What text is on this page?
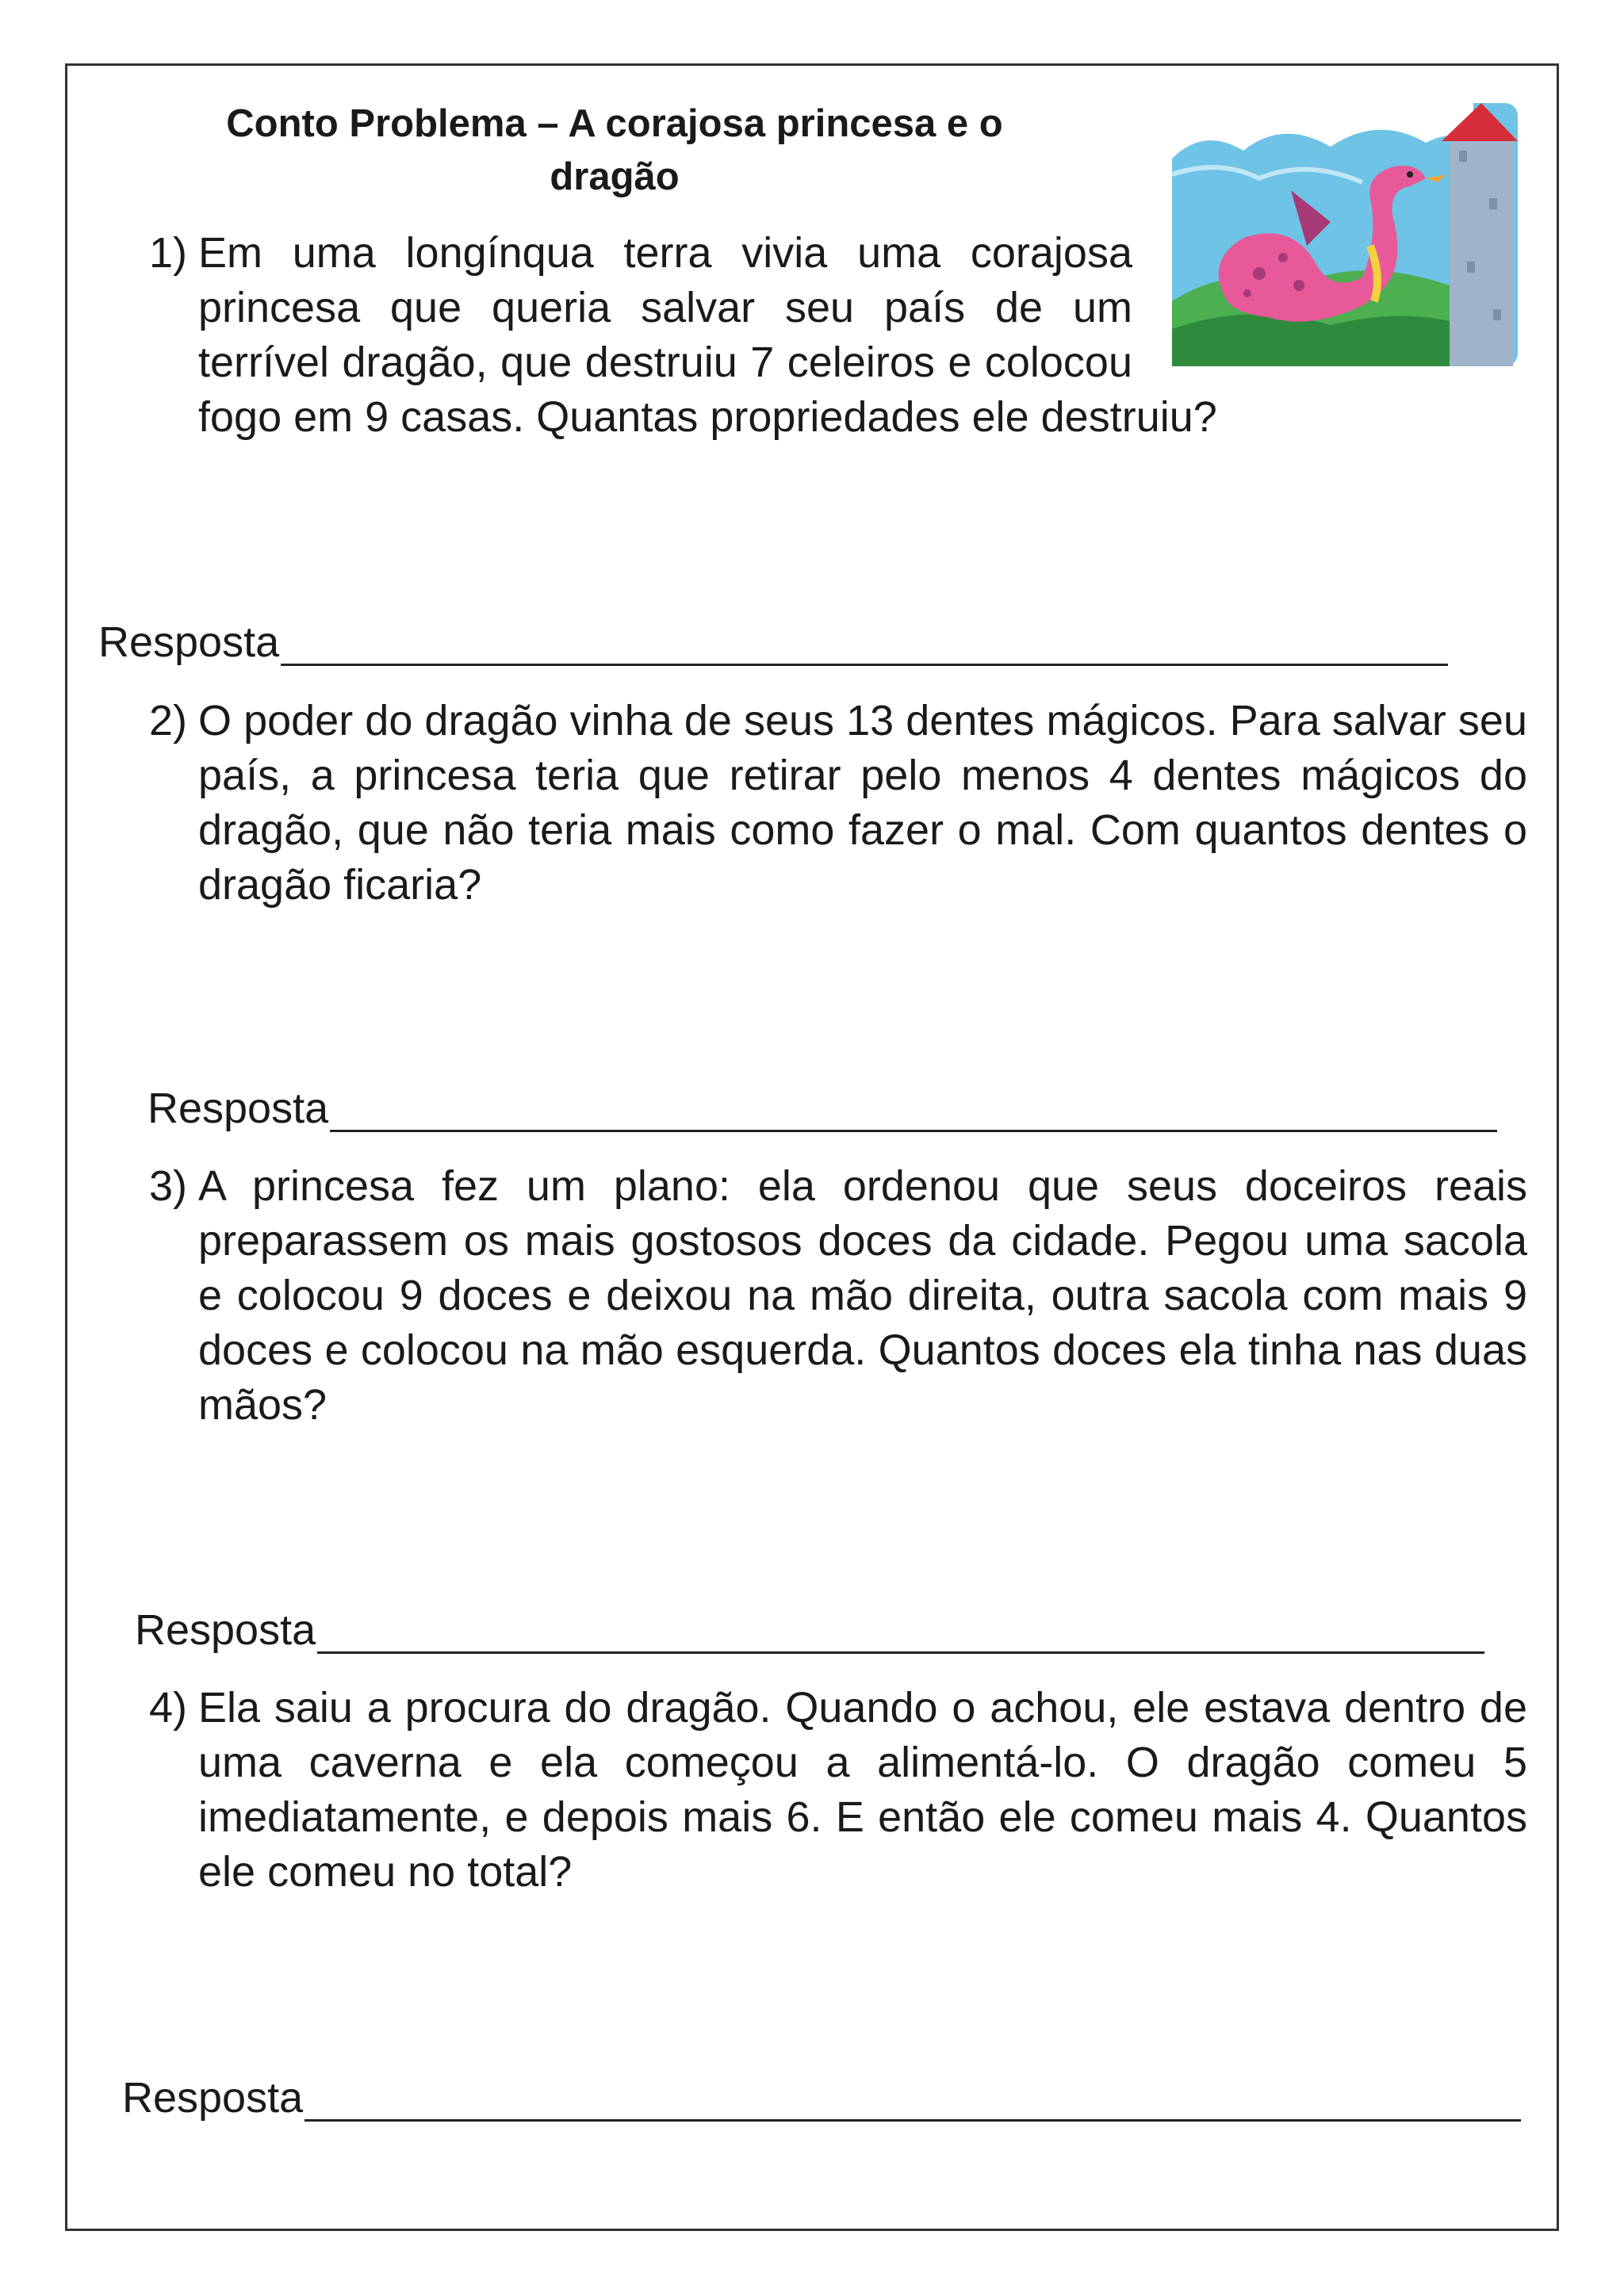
Conto Problema – A corajosa princesa e o
dragão
1) Em uma longínqua terra vivia uma corajosa
princesa que queria salvar seu país de um
terrível dragão, que destruiu 7 celeiros e colocou
fogo em 9 casas. Quantas propriedades ele destruiu?
Resposta
2) O poder do dragão vinha de seus 13 dentes mágicos. Para salvar seu país, a princesa teria que retirar pelo menos 4 dentes mágicos do dragão, que não teria mais como fazer o mal. Com quantos dentes o dragão ficaria?
Resposta
3) A princesa fez um plano: ela ordenou que seus doceiros reais preparassem os mais gostosos doces da cidade. Pegou uma sacola e colocou 9 doces e deixou na mão direita, outra sacola com mais 9 doces e colocou na mão esquerda. Quantos doces ela tinha nas duas mãos?
Resposta
4) Ela saiu a procura do dragão. Quando o achou, ele estava dentro de uma caverna e ela começou a alimentá-lo. O dragão comeu 5 imediatamente, e depois mais 6. E então ele comeu mais 4. Quantos ele comeu no total?
Resposta
